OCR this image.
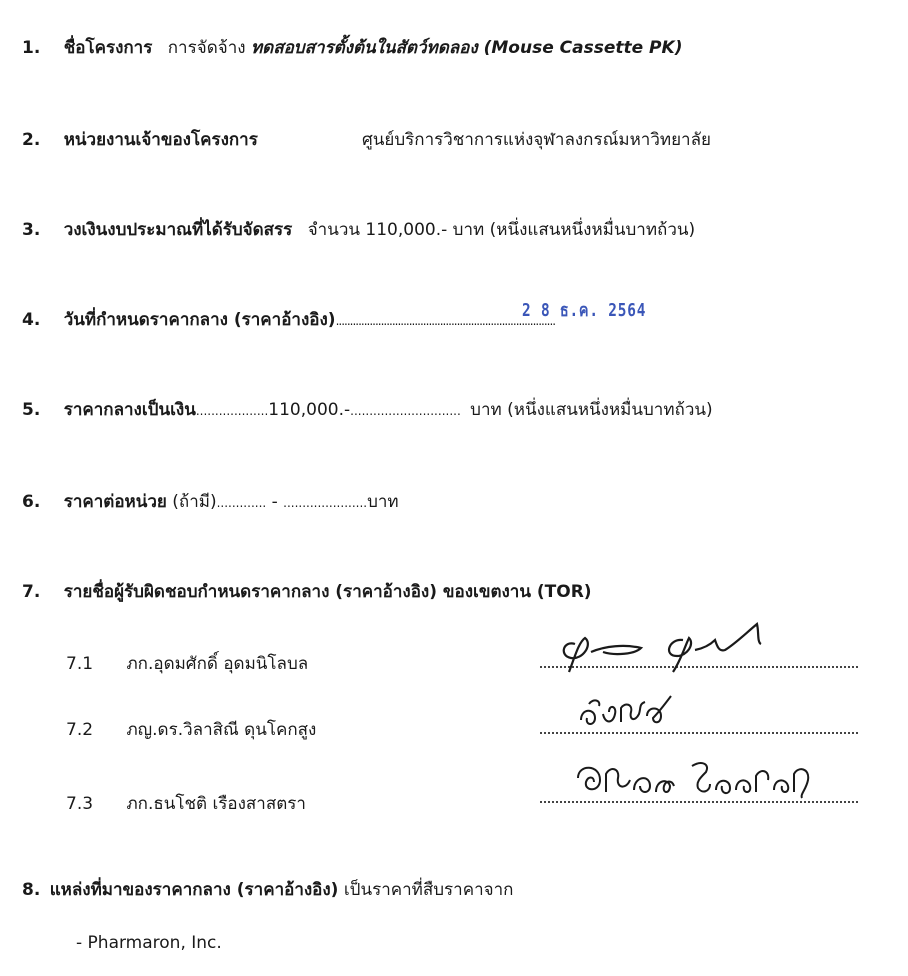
1. ชื่อโครงการ การจัดจ้าง ทดสอบสารตั้งต้นในสัตว์ทดลอง (Mouse Cassette PK)
2. หน่วยงานเจ้าของโครงการ	ศูนย์บริการวิชาการแห่งจุฬาลงกรณ์มหาวิทยาลัย
3. วงเงินงบประมาณที่ได้รับจัดสรร จำนวน 110,000.- บาท (หนึ่งแสนหนึ่งหมื่นบาทถ้วน)
4. วันที่กำหนดราคากลาง (ราคาอ้างอิง)..............................................................................
2 8 ธ.ค. 2564
5. ราคากลางเป็นเงิน...................110,000.-............................. บาท (หนึ่งแสนหนึ่งหมื่นบาทถ้วน)
6. ราคาต่อหน่วย (ถ้ามี)............. - ......................บาท
7. รายชื่อผู้รับผิดชอบกำหนดราคากลาง (ราคาอ้างอิง) ของเขตงาน (TOR)
7.1 ภก.อุดมศักดิ์ อุดมนิโลบล
7.2 ภญ.ดร.วิลาสิณี ดุนโคกสูง
7.3 ภก.ธนโชติ เรืองสาสตรา
8. แหล่งที่มาของราคากลาง (ราคาอ้างอิง) เป็นราคาที่สืบราคาจาก
- Pharmaron, Inc.
